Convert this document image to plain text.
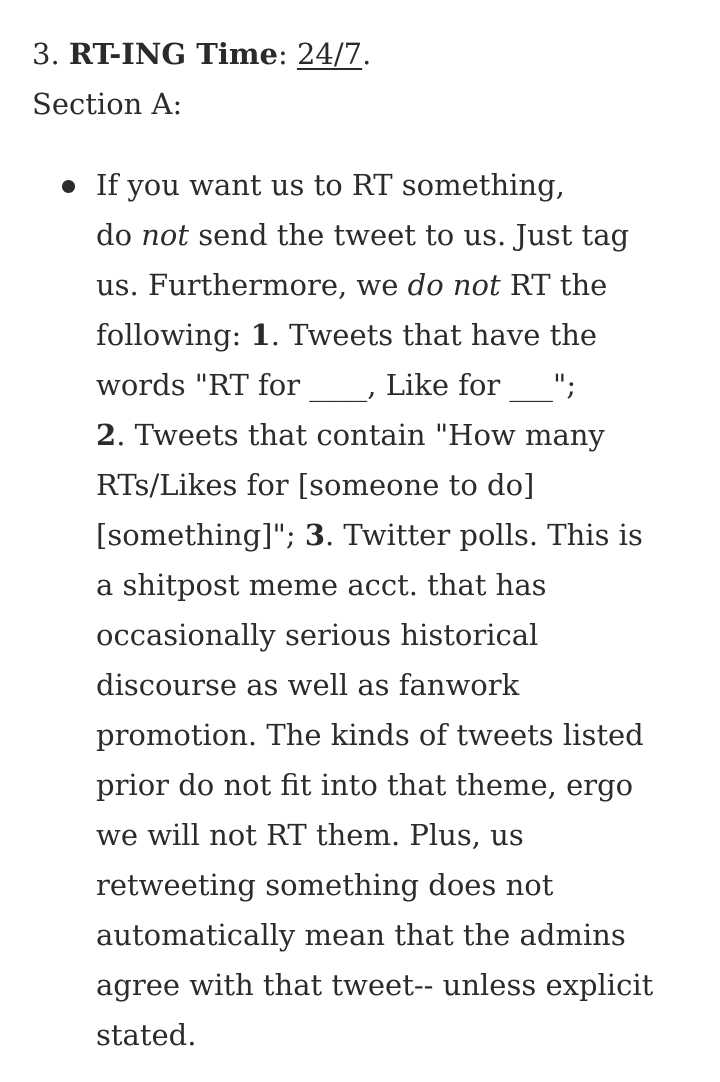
3. RT-ING Time: 24/7.

Section A:

If you want us to RT something,
do not send the tweet to us. Just tag
us. Furthermore, we do not RT the
following: 1. Tweets that have the
words "RT for ____, Like for ___";
2. Tweets that contain "How many
RTs/Likes for [someone to do]
[something]"; 3. Twitter polls. This is
a shitpost meme acct. that has
occasionally serious historical
discourse as well as fanwork
promotion. The kinds of tweets listed
prior do not fit into that theme, ergo
we will not RT them. Plus, us
retweeting something does not
automatically mean that the admins
agree with that tweet-- unless explicit
stated.
